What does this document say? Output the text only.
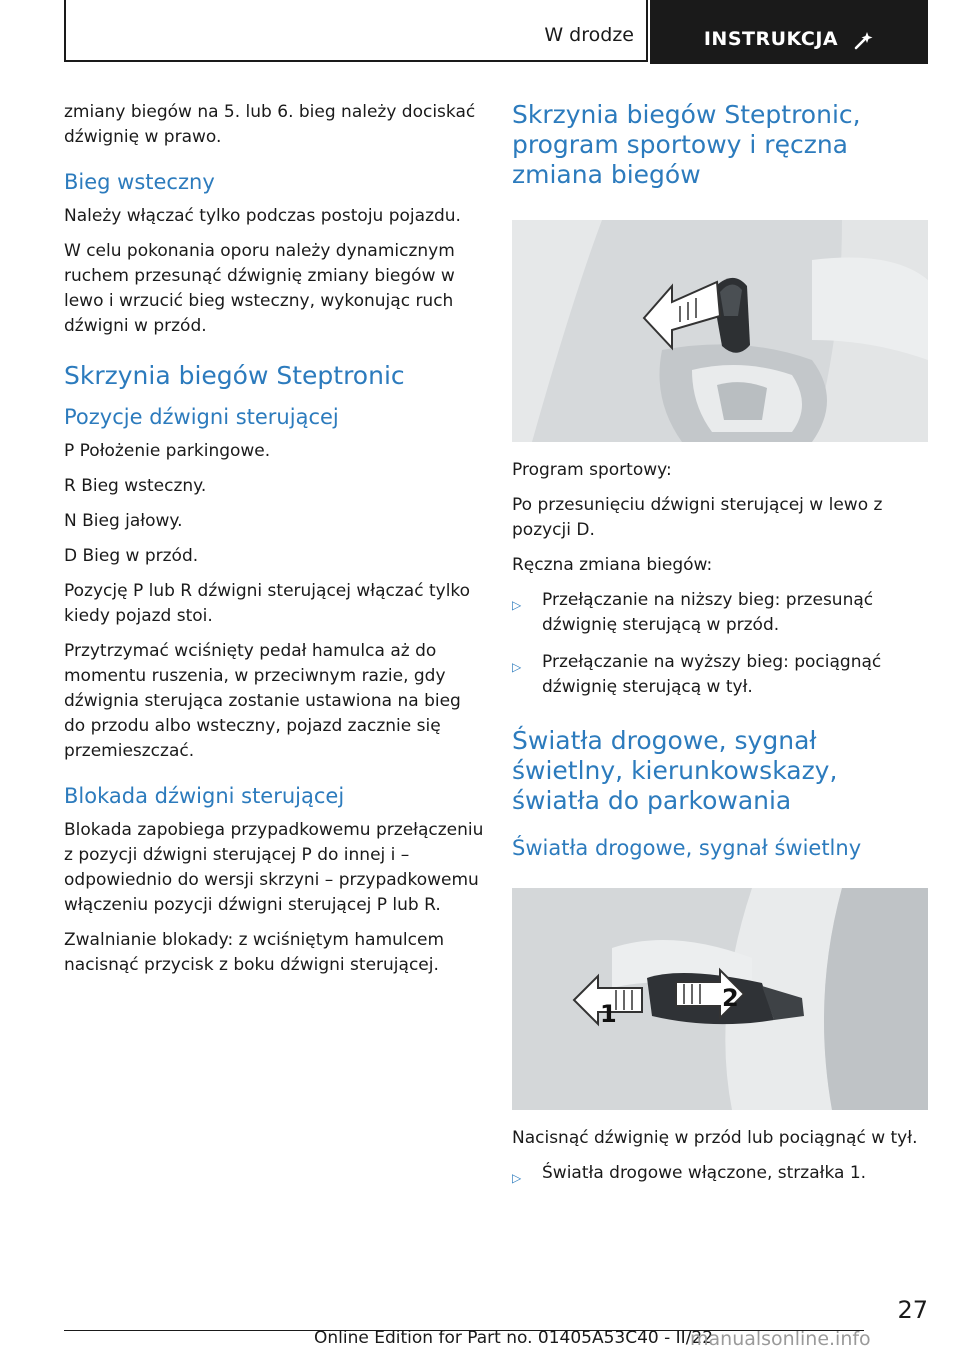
W drodze	INSTRUKCJA

zmiany biegów na 5. lub 6. bieg należy dociskać dźwignię w prawo.

Bieg wsteczny

Należy włączać tylko podczas postoju pojazdu.

W celu pokonania oporu należy dynamicznym ruchem przesunąć dźwignię zmiany biegów w lewo i wrzucić bieg wsteczny, wykonując ruch dźwigni w przód.

Skrzynia biegów Steptronic
Pozycje dźwigni sterującej

P Położenie parkingowe.

R Bieg wsteczny.

N Bieg jałowy.

D Bieg w przód.

Pozycję P lub R dźwigni sterującej włączać tylko kiedy pojazd stoi.

Przytrzymać wciśnięty pedał hamulca aż do momentu ruszenia, w przeciwnym razie, gdy dźwignia sterująca zostanie ustawiona na bieg do przodu albo wsteczny, pojazd zacznie się przemieszczać.

Blokada dźwigni sterującej

Blokada zapobiega przypadkowemu przełączeniu z pozycji dźwigni sterującej P do innej i – odpowiednio do wersji skrzyni – przypadkowemu włączeniu pozycji dźwigni sterującej P lub R.

Zwalnianie blokady: z wciśniętym hamulcem nacisnąć przycisk z boku dźwigni sterującej.

Skrzynia biegów Steptronic, program sportowy i ręczna zmiana biegów

Program sportowy:

Po przesunięciu dźwigni sterującej w lewo z pozycji D.

Ręczna zmiana biegów:

▷ Przełączanie na niższy bieg: przesunąć dźwignię sterującą w przód.
▷ Przełączanie na wyższy bieg: pociągnąć dźwignię sterującą w tył.
Światła drogowe, sygnał świetlny, kierunkowskazy, światła do parkowania
Światła drogowe, sygnał świetlny
1
2

Nacisnąć dźwignię w przód lub pociągnąć w tył.

▷ Światła drogowe włączone, strzałka 1.
27
Online Edition for Part no. 01405A53C40 - II/22
manualsonline.info
